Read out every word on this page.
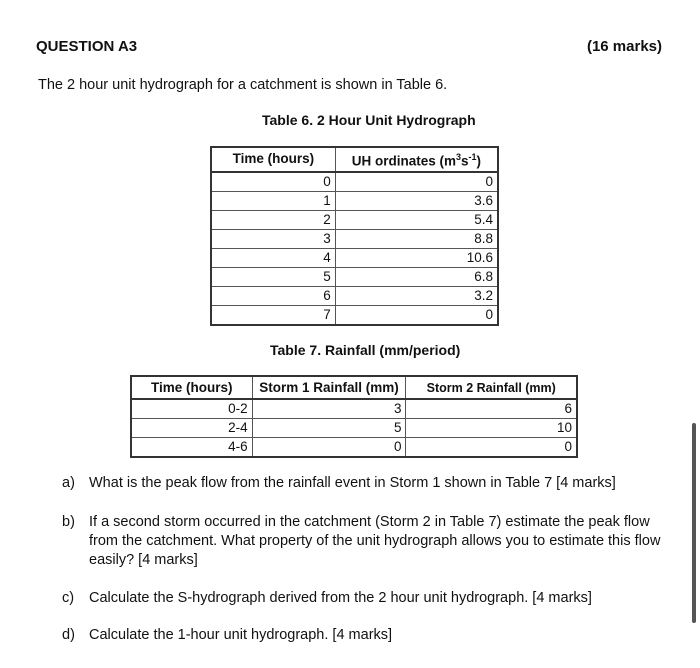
QUESTION A3	(16 marks)
The 2 hour unit hydrograph for a catchment is shown in Table 6.
Table 6. 2 Hour Unit Hydrograph
Time (hours)	UH ordinates $(m^3s^{-1})$
0	0
1	3.6
2	5.4
3	8.8
4	10.6
5	6.8
6	3.2
7	0
Table 7. Rainfall (mm/period)
Time (hours)	Storm 1 Rainfall (mm)	Storm 2 Rainfall (mm)
0-2	3	6
2-4	5	10
4-6	0	0
a) What is the peak flow from the rainfall event in Storm 1 shown in Table 7 [4 marks]
b) If a second storm occurred in the catchment (Storm 2 in Table 7) estimate the peak flow from the catchment. What property of the unit hydrograph allows you to estimate this flow easily? [4 marks]
c) Calculate the S-hydrograph derived from the 2 hour unit hydrograph. [4 marks]
d) Calculate the 1-hour unit hydrograph. [4 marks]
